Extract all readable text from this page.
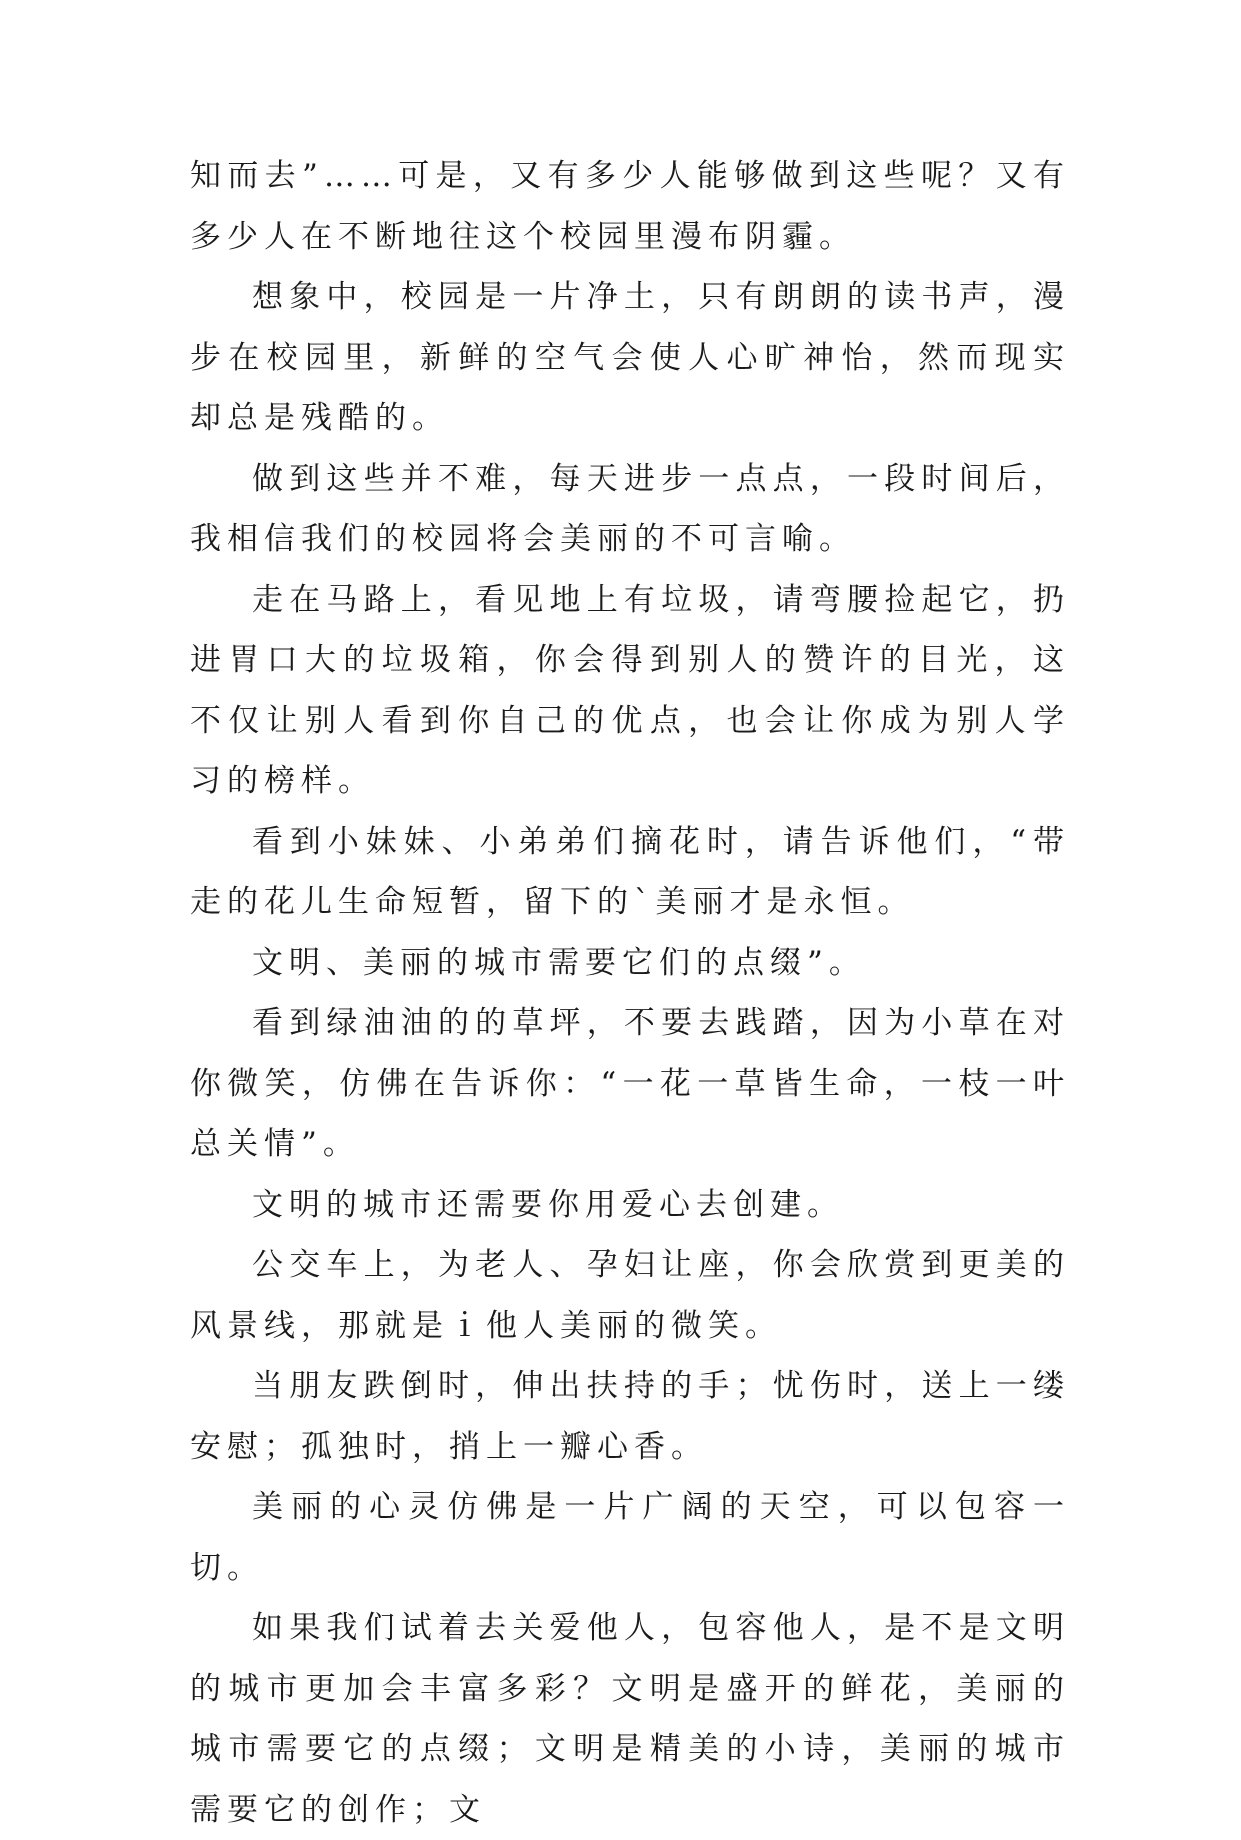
知而去”……可是，又有多少人能够做到这些呢？又有多少人在不断地往这个校园里漫布阴霾。

想象中，校园是一片净土，只有朗朗的读书声，漫步在校园里，新鲜的空气会使人心旷神怡，然而现实却总是残酷的。

做到这些并不难，每天进步一点点，一段时间后，我相信我们的校园将会美丽的不可言喻。

走在马路上，看见地上有垃圾，请弯腰捡起它，扔进胃口大的垃圾箱，你会得到别人的赞许的目光，这不仅让别人看到你自己的优点，也会让你成为别人学习的榜样。

看到小妹妹、小弟弟们摘花时，请告诉他们，“带走的花儿生命短暂，留下的`美丽才是永恒。

文明、美丽的城市需要它们的点缀”。

看到绿油油的的草坪，不要去践踏，因为小草在对你微笑，仿佛在告诉你：“一花一草皆生命，一枝一叶总关情”。

文明的城市还需要你用爱心去创建。

公交车上，为老人、孕妇让座，你会欣赏到更美的风景线，那就是ｉ他人美丽的微笑。

当朋友跌倒时，伸出扶持的手；忧伤时，送上一缕安慰；孤独时，捎上一瓣心香。

美丽的心灵仿佛是一片广阔的天空，可以包容一切。

如果我们试着去关爱他人，包容他人，是不是文明的城市更加会丰富多彩？文明是盛开的鲜花，美丽的城市需要它的点缀；文明是精美的小诗，美丽的城市需要它的创作；文
